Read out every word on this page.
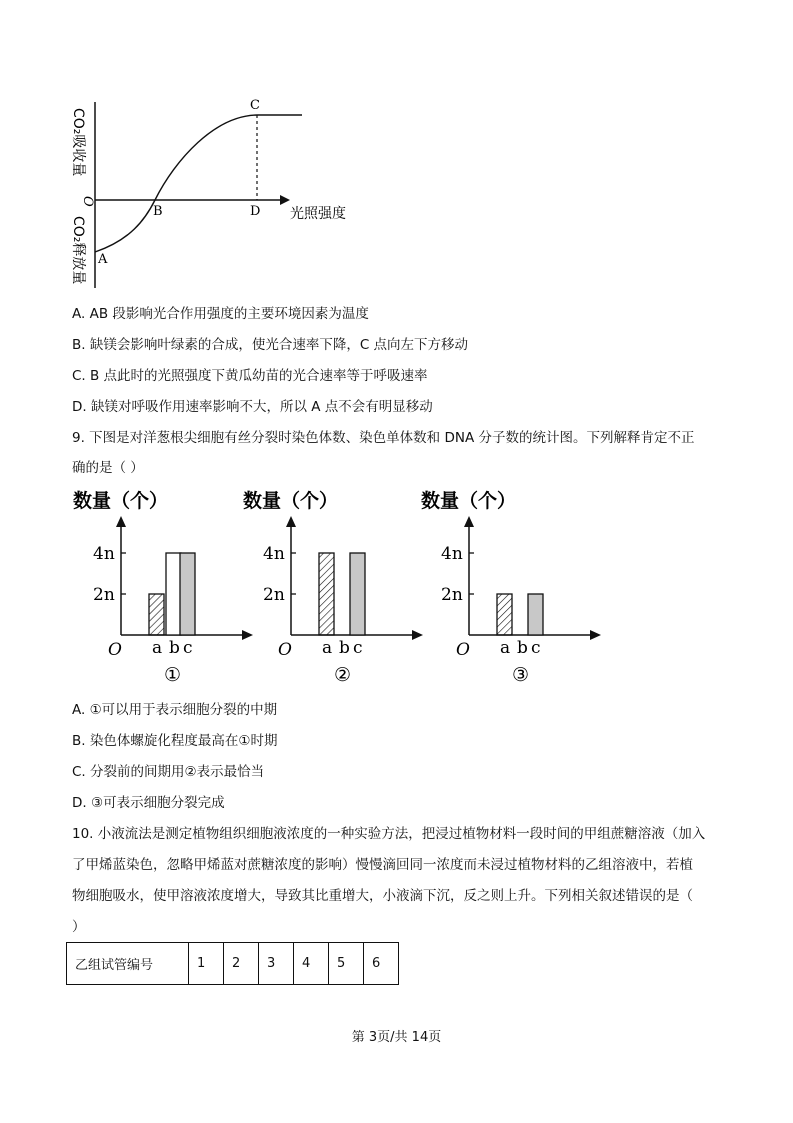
C
B	D
A
光照强度
CO₂吸收量
O
CO₂释放量
A. AB 段影响光合作用强度的主要环境因素为温度
B. 缺镁会影响叶绿素的合成，使光合速率下降，C 点向左下方移动
C. B 点此时的光照强度下黄瓜幼苗的光合速率等于呼吸速率
D. 缺镁对呼吸作用速率影响不大，所以 A 点不会有明显移动
9. 下图是对洋葱根尖细胞有丝分裂时染色体数、染色单体数和 DNA 分子数的统计图。下列解释肯定不正
确的是（ ）
数量（个）
2n
4n
O a b c
①
数量（个）
2n
4n
O a b c
②
数量（个）
2n
4n
O a b c
③
A. ①可以用于表示细胞分裂的中期
B. 染色体螺旋化程度最高在①时期
C. 分裂前的间期用②表示最恰当
D. ③可表示细胞分裂完成
10. 小液流法是测定植物组织细胞液浓度的一种实验方法，把浸过植物材料一段时间的甲组蔗糖溶液（加入
了甲烯蓝染色，忽略甲烯蓝对蔗糖浓度的影响）慢慢滴回同一浓度而未浸过植物材料的乙组溶液中，若植
物细胞吸水，使甲溶液浓度增大，导致其比重增大，小液滴下沉，反之则上升。下列相关叙述错误的是（
）
乙组试管编号	1	2	3	4	5	6
第 3页/共 14页
